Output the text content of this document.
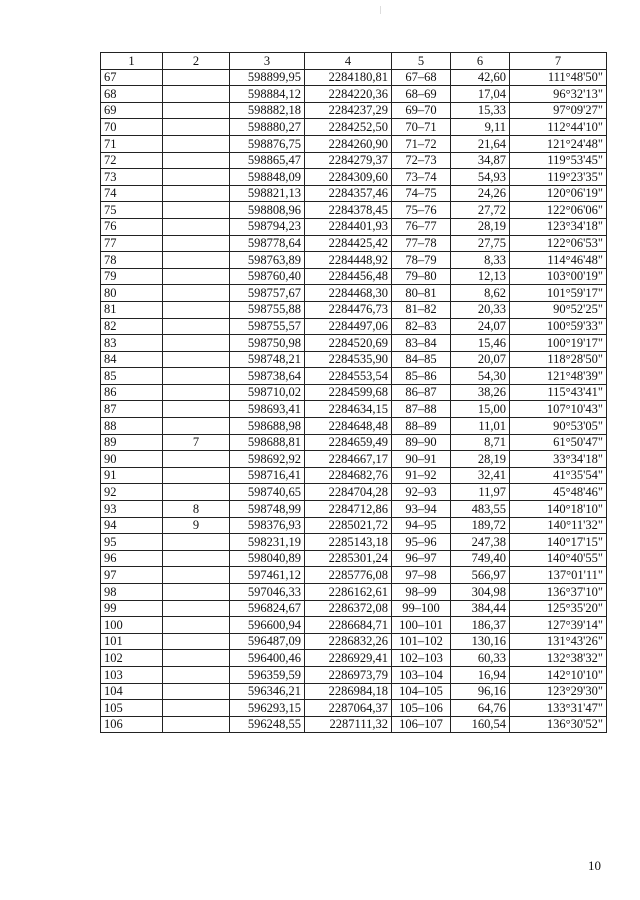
1	2	3	4	5	6	7
67		598899,95	2284180,81	67–68	42,60	111°48'50"
68		598884,12	2284220,36	68–69	17,04	96°32'13"
69		598882,18	2284237,29	69–70	15,33	97°09'27"
70		598880,27	2284252,50	70–71	9,11	112°44'10"
71		598876,75	2284260,90	71–72	21,64	121°24'48"
72		598865,47	2284279,37	72–73	34,87	119°53'45"
73		598848,09	2284309,60	73–74	54,93	119°23'35"
74		598821,13	2284357,46	74–75	24,26	120°06'19"
75		598808,96	2284378,45	75–76	27,72	122°06'06"
76		598794,23	2284401,93	76–77	28,19	123°34'18"
77		598778,64	2284425,42	77–78	27,75	122°06'53"
78		598763,89	2284448,92	78–79	8,33	114°46'48"
79		598760,40	2284456,48	79–80	12,13	103°00'19"
80		598757,67	2284468,30	80–81	8,62	101°59'17"
81		598755,88	2284476,73	81–82	20,33	90°52'25"
82		598755,57	2284497,06	82–83	24,07	100°59'33"
83		598750,98	2284520,69	83–84	15,46	100°19'17"
84		598748,21	2284535,90	84–85	20,07	118°28'50"
85		598738,64	2284553,54	85–86	54,30	121°48'39"
86		598710,02	2284599,68	86–87	38,26	115°43'41"
87		598693,41	2284634,15	87–88	15,00	107°10'43"
88		598688,98	2284648,48	88–89	11,01	90°53'05"
89	7	598688,81	2284659,49	89–90	8,71	61°50'47"
90		598692,92	2284667,17	90–91	28,19	33°34'18"
91		598716,41	2284682,76	91–92	32,41	41°35'54"
92		598740,65	2284704,28	92–93	11,97	45°48'46"
93	8	598748,99	2284712,86	93–94	483,55	140°18'10"
94	9	598376,93	2285021,72	94–95	189,72	140°11'32"
95		598231,19	2285143,18	95–96	247,38	140°17'15"
96		598040,89	2285301,24	96–97	749,40	140°40'55"
97		597461,12	2285776,08	97–98	566,97	137°01'11"
98		597046,33	2286162,61	98–99	304,98	136°37'10"
99		596824,67	2286372,08	99–100	384,44	125°35'20"
100		596600,94	2286684,71	100–101	186,37	127°39'14"
101		596487,09	2286832,26	101–102	130,16	131°43'26"
102		596400,46	2286929,41	102–103	60,33	132°38'32"
103		596359,59	2286973,79	103–104	16,94	142°10'10"
104		596346,21	2286984,18	104–105	96,16	123°29'30"
105		596293,15	2287064,37	105–106	64,76	133°31'47"
106		596248,55	2287111,32	106–107	160,54	136°30'52"
10
